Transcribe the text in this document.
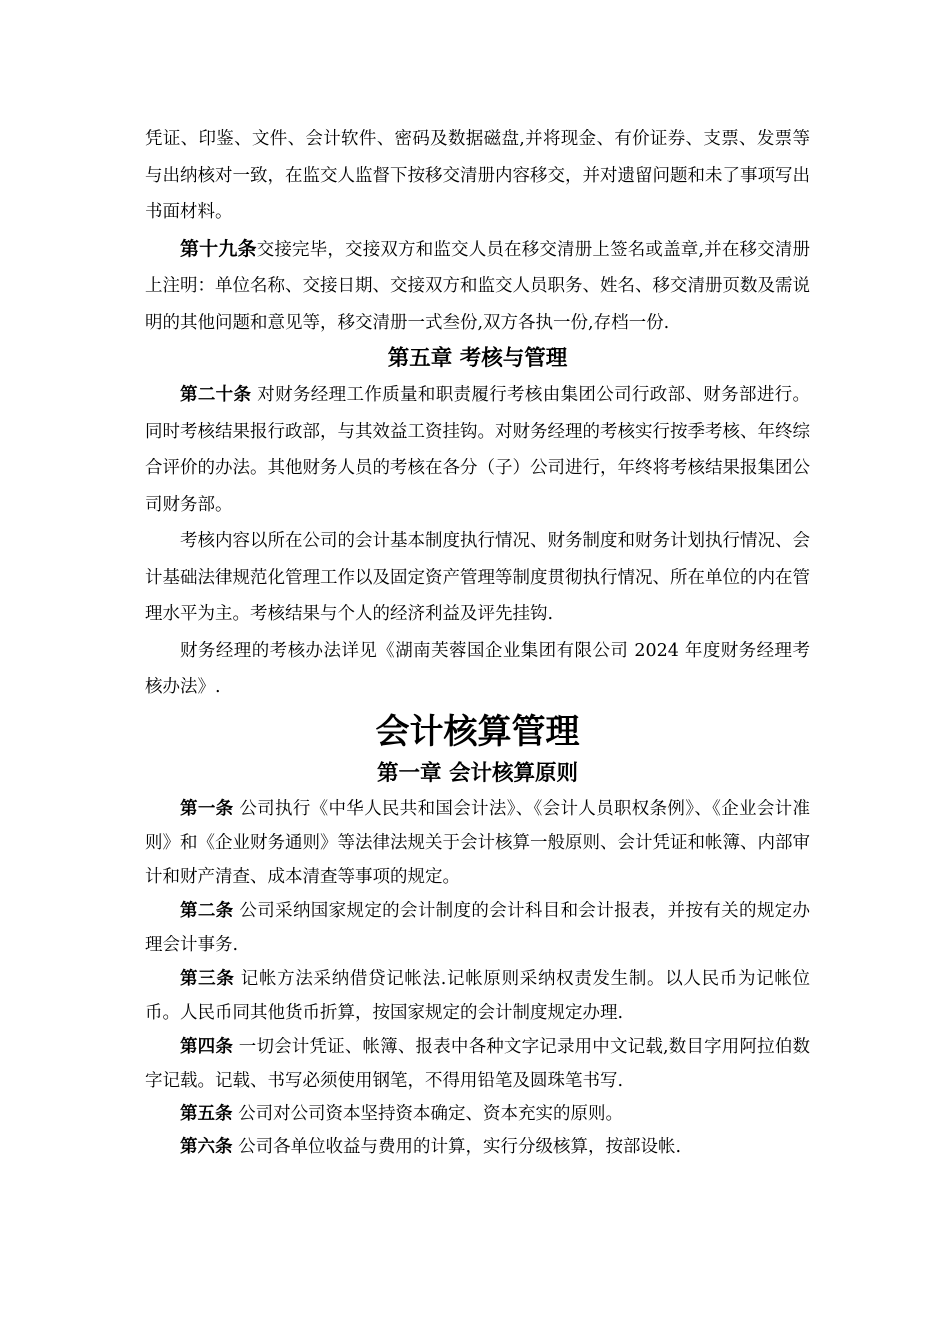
凭证、印鉴、文件、会计软件、密码及数据磁盘,并将现金、有价证券、支票、发票等与出纳核对一致，在监交人监督下按移交清册内容移交，并对遗留问题和未了事项写出书面材料。

第十九条交接完毕，交接双方和监交人员在移交清册上签名或盖章,并在移交清册上注明：单位名称、交接日期、交接双方和监交人员职务、姓名、移交清册页数及需说明的其他问题和意见等，移交清册一式叁份,双方各执一份,存档一份.

第五章 考核与管理

第二十条 对财务经理工作质量和职责履行考核由集团公司行政部、财务部进行。同时考核结果报行政部，与其效益工资挂钩。对财务经理的考核实行按季考核、年终综合评价的办法。其他财务人员的考核在各分（子）公司进行，年终将考核结果报集团公司财务部。

考核内容以所在公司的会计基本制度执行情况、财务制度和财务计划执行情况、会计基础法律规范化管理工作以及固定资产管理等制度贯彻执行情况、所在单位的内在管理水平为主。考核结果与个人的经济利益及评先挂钩.

财务经理的考核办法详见《湖南芙蓉国企业集团有限公司 2024 年度财务经理考核办法》.

会计核算管理
第一章 会计核算原则

第一条 公司执行《中华人民共和国会计法》、《会计人员职权条例》、《企业会计准则》和《企业财务通则》等法律法规关于会计核算一般原则、会计凭证和帐簿、内部审计和财产清查、成本清查等事项的规定。

第二条 公司采纳国家规定的会计制度的会计科目和会计报表，并按有关的规定办理会计事务.

第三条 记帐方法采纳借贷记帐法.记帐原则采纳权责发生制。以人民币为记帐位币。人民币同其他货币折算，按国家规定的会计制度规定办理.

第四条 一切会计凭证、帐簿、报表中各种文字记录用中文记载,数目字用阿拉伯数字记载。记载、书写必须使用钢笔，不得用铅笔及圆珠笔书写.

第五条 公司对公司资本坚持资本确定、资本充实的原则。

第六条 公司各单位收益与费用的计算，实行分级核算，按部设帐.
